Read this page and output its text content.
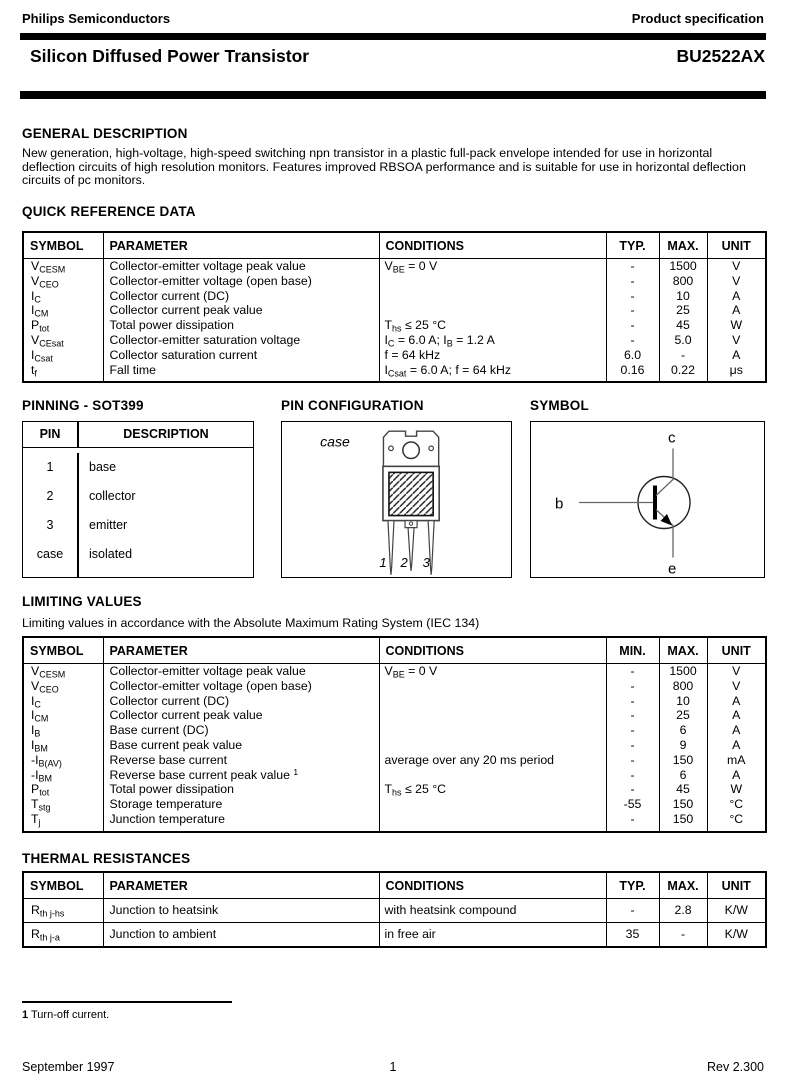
Philips Semiconductors	Product specification
Silicon Diffused Power Transistor	BU2522AX
GENERAL DESCRIPTION

New generation, high-voltage, high-speed switching npn transistor in a plastic full-pack envelope intended for use in horizontal deflection circuits of high resolution monitors. Features improved RBSOA performance and is suitable for use in horizontal deflection circuits of pc monitors.

QUICK REFERENCE DATA
SYMBOL	PARAMETER	CONDITIONS	TYP.	MAX.	UNIT
$V_{CESM}$	Collector-emitter voltage peak value	$V_{BE} = 0$ V	-	1500	V
$V_{CEO}$	Collector-emitter voltage (open base)		-	800	V
$I_C$	Collector current (DC)		-	10	A
$I_{CM}$	Collector current peak value		-	25	A
$P_{tot}$	Total power dissipation	$T_{hs} \le 25$ °C	-	45	W
$V_{CEsat}$	Collector-emitter saturation voltage	$I_C = 6.0$ A; $I_B = 1.2$ A	-	5.0	V
$I_{Csat}$	Collector saturation current	f = 64 kHz	6.0	-	A
$t_f$	Fall time	$I_{Csat} = 6.0$ A; f = 64 kHz	0.16	0.22	μs
PINNING - SOT399	PIN CONFIGURATION	SYMBOL
PIN	DESCRIPTION
1	base
2	collector
3	emitter
case	isolated
case
1 2 3
c
b
e
LIMITING VALUES
Limiting values in accordance with the Absolute Maximum Rating System (IEC 134)
SYMBOL	PARAMETER	CONDITIONS	MIN.	MAX.	UNIT
$V_{CESM}$	Collector-emitter voltage peak value	$V_{BE} = 0$ V	-	1500	V
$V_{CEO}$	Collector-emitter voltage (open base)		-	800	V
$I_C$	Collector current (DC)		-	10	A
$I_{CM}$	Collector current peak value		-	25	A
$I_B$	Base current (DC)		-	6	A
$I_{BM}$	Base current peak value		-	9	A
$-I_{B(AV)}$	Reverse base current	average over any 20 ms period	-	150	mA
$-I_{BM}$	Reverse base current peak value $^1$		-	6	A
$P_{tot}$	Total power dissipation	$T_{hs} \le 25$ °C	-	45	W
$T_{stg}$	Storage temperature		-55	150	°C
$T_j$	Junction temperature		-	150	°C
THERMAL RESISTANCES
SYMBOL	PARAMETER	CONDITIONS	TYP.	MAX.	UNIT
$R_{th j-hs}$	Junction to heatsink	with heatsink compound	-	2.8	K/W
$R_{th j-a}$	Junction to ambient	in free air	35	-	K/W
1 Turn-off current.
September 1997	1	Rev 2.300
